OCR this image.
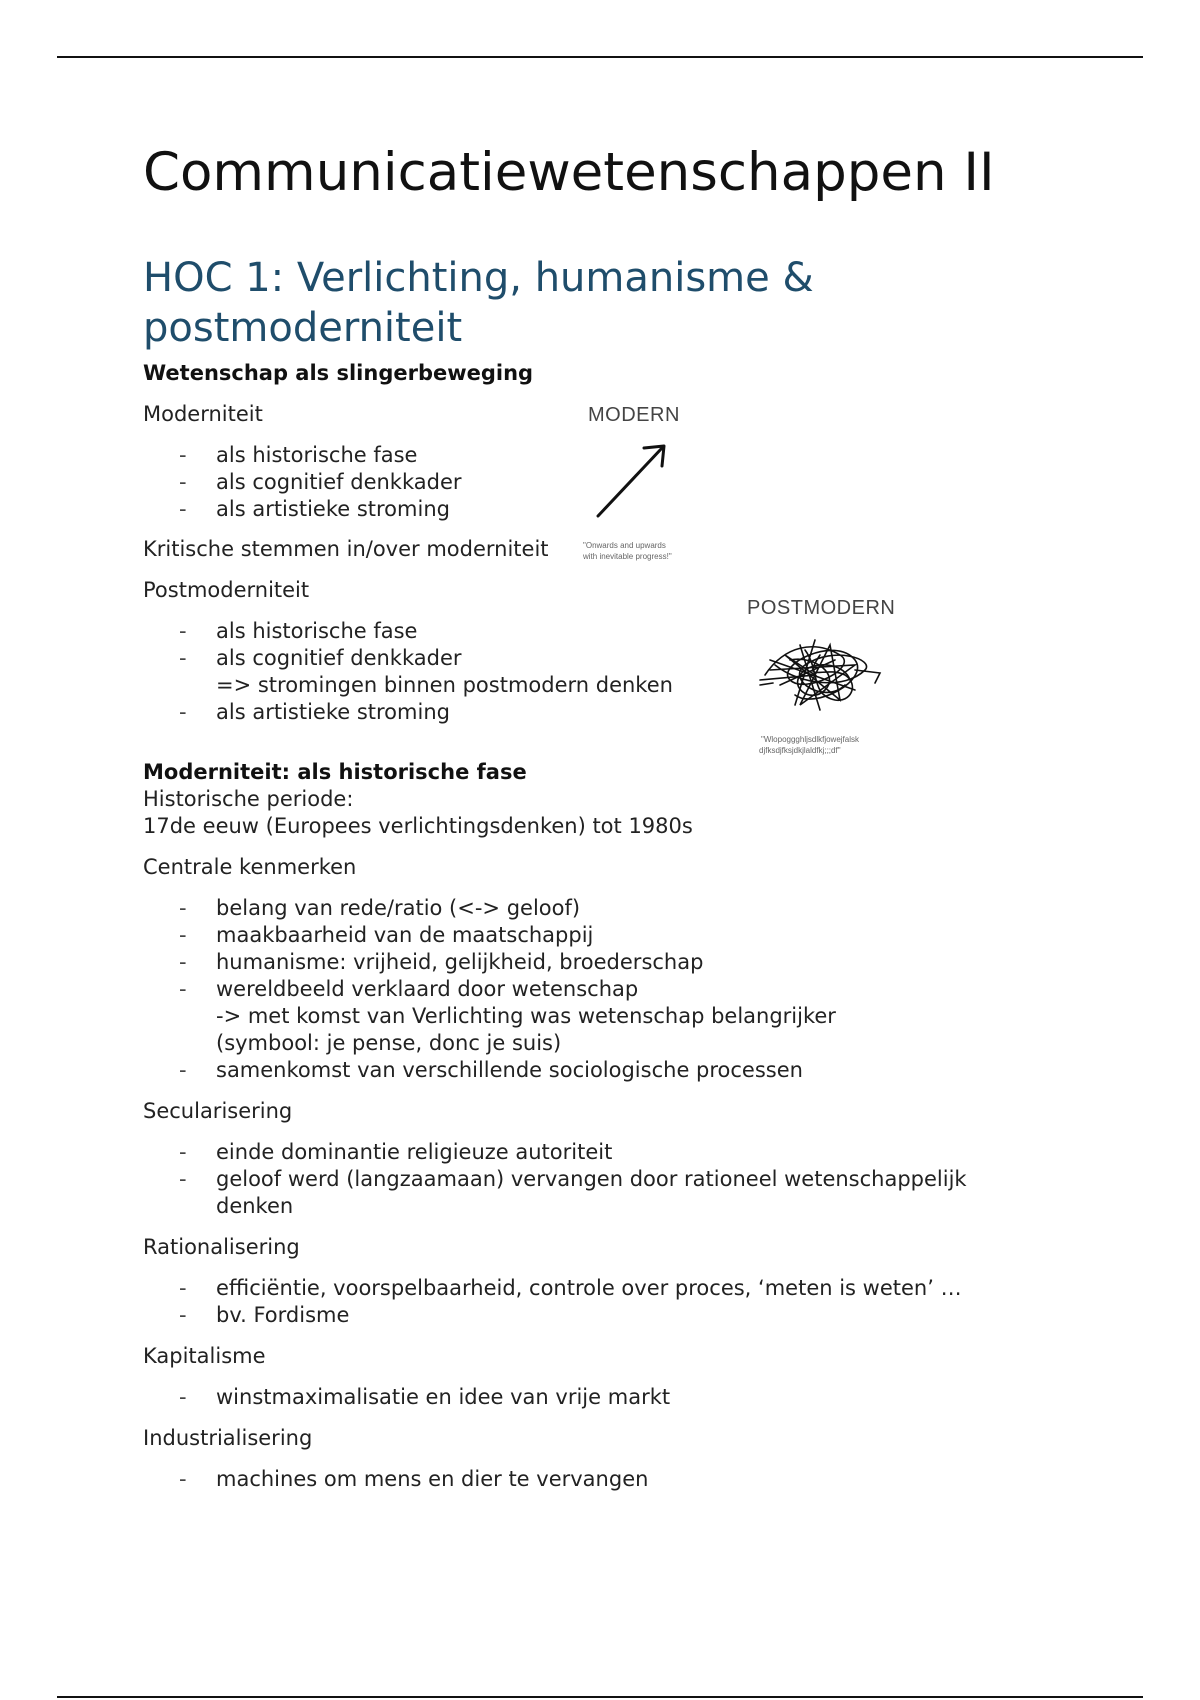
Communicatiewetenschappen II
HOC 1: Verlichting, humanisme & postmoderniteit

Wetenschap als slingerbeweging

Moderniteit

- als historische fase
- als cognitief denkkader
- als artistieke stroming

Kritische stemmen in/over moderniteit

Postmoderniteit

- als historische fase
- als cognitief denkkader
=> stromingen binnen postmodern denken
- als artistieke stroming

Moderniteit: als historische fase

Historische periode:

17de eeuw (Europees verlichtingsdenken) tot 1980s

Centrale kenmerken

- belang van rede/ratio (<-> geloof)
- maakbaarheid van de maatschappij
- humanisme: vrijheid, gelijkheid, broederschap
- wereldbeeld verklaard door wetenschap
-> met komst van Verlichting was wetenschap belangrijker
(symbool: je pense, donc je suis)
- samenkomst van verschillende sociologische processen

Secularisering

- einde dominantie religieuze autoriteit
- geloof werd (langzaamaan) vervangen door rationeel wetenschappelijk denken

Rationalisering

- efficiëntie, voorspelbaarheid, controle over proces, ‘meten is weten’ …
- bv. Fordisme

Kapitalisme

- winstmaximalisatie en idee van vrije markt

Industrialisering

- machines om mens en dier te vervangen
MODERN
"Onwards and upwards
with inevitable progress!"
POSTMODERN
"Wlopoggghljsdlkfjowejfalsk
djfksdjfksjdkjlaldfkj;;;df"
